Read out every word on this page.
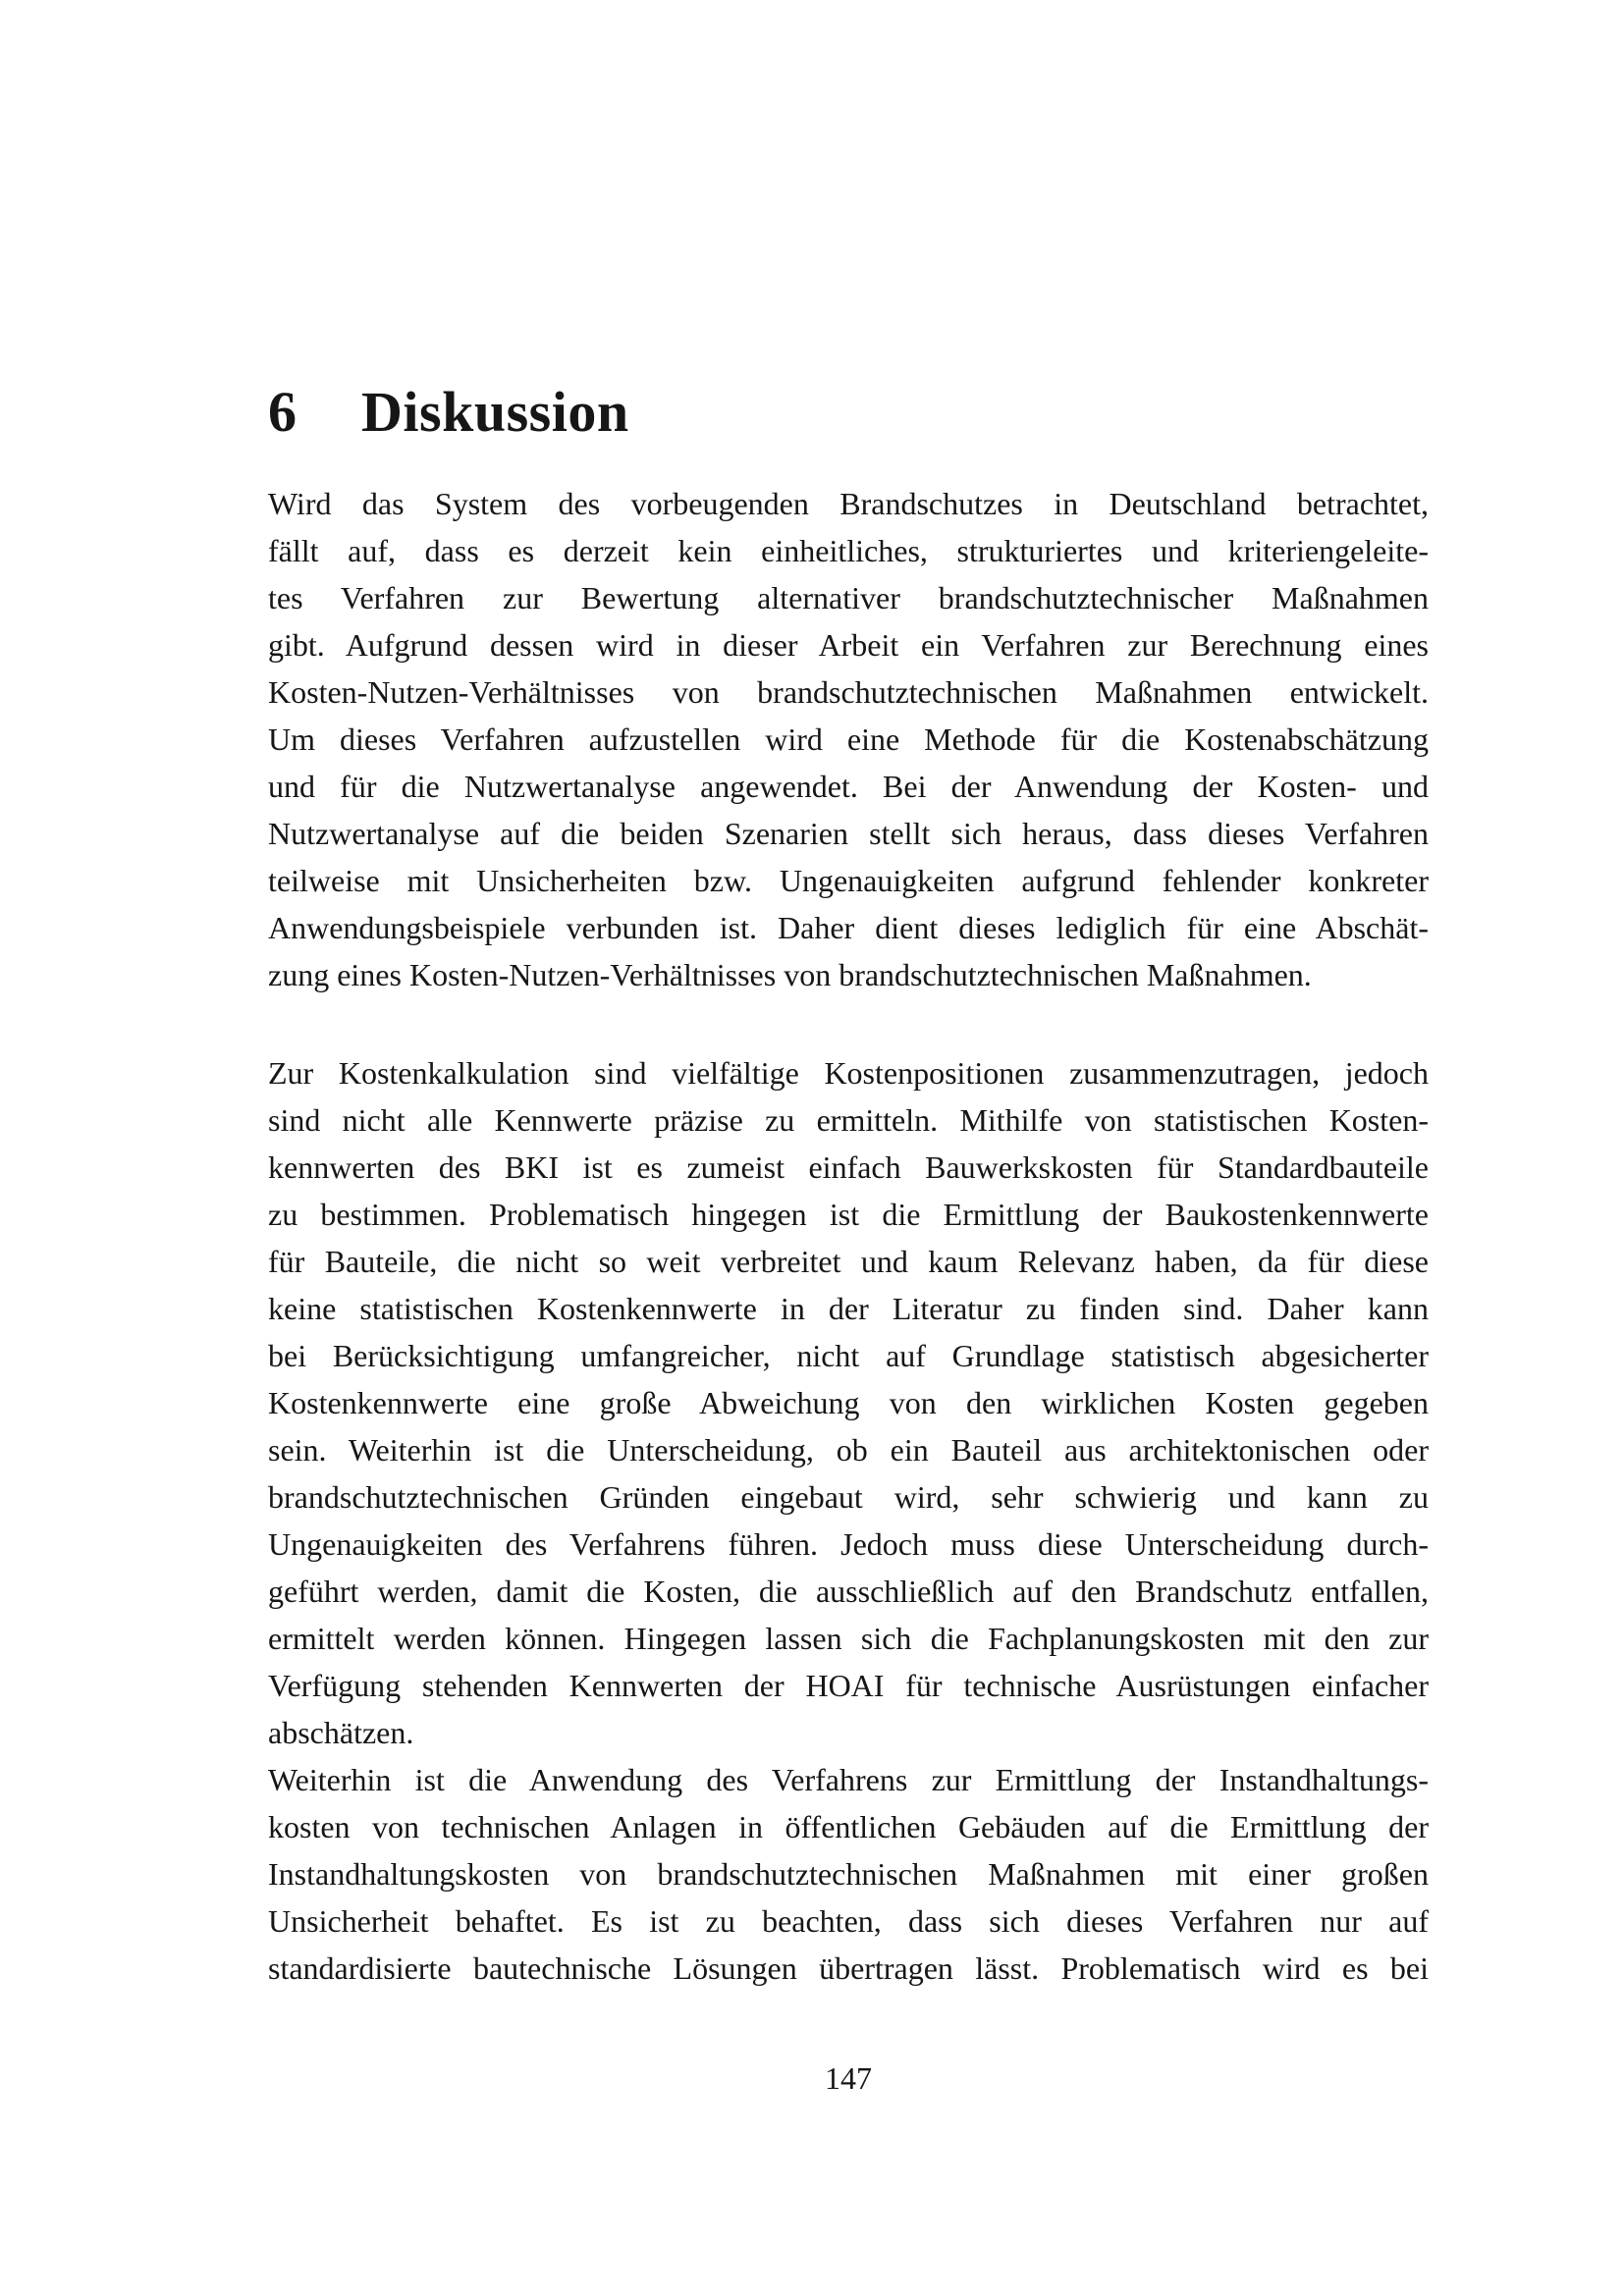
6 Diskussion
Wird das System des vorbeugenden Brandschutzes in Deutschland betrachtet,
fällt auf, dass es derzeit kein einheitliches, strukturiertes und kriteriengeleite-
tes Verfahren zur Bewertung alternativer brandschutztechnischer Maßnahmen
gibt. Aufgrund dessen wird in dieser Arbeit ein Verfahren zur Berechnung eines
Kosten-Nutzen-Verhältnisses von brandschutztechnischen Maßnahmen entwickelt.
Um dieses Verfahren aufzustellen wird eine Methode für die Kostenabschätzung
und für die Nutzwertanalyse angewendet. Bei der Anwendung der Kosten- und
Nutzwertanalyse auf die beiden Szenarien stellt sich heraus, dass dieses Verfahren
teilweise mit Unsicherheiten bzw. Ungenauigkeiten aufgrund fehlender konkreter
Anwendungsbeispiele verbunden ist. Daher dient dieses lediglich für eine Abschät-
zung eines Kosten-Nutzen-Verhältnisses von brandschutztechnischen Maßnahmen.
Zur Kostenkalkulation sind vielfältige Kostenpositionen zusammenzutragen, jedoch
sind nicht alle Kennwerte präzise zu ermitteln. Mithilfe von statistischen Kosten-
kennwerten des BKI ist es zumeist einfach Bauwerkskosten für Standardbauteile
zu bestimmen. Problematisch hingegen ist die Ermittlung der Baukostenkennwerte
für Bauteile, die nicht so weit verbreitet und kaum Relevanz haben, da für diese
keine statistischen Kostenkennwerte in der Literatur zu finden sind. Daher kann
bei Berücksichtigung umfangreicher, nicht auf Grundlage statistisch abgesicherter
Kostenkennwerte eine große Abweichung von den wirklichen Kosten gegeben
sein. Weiterhin ist die Unterscheidung, ob ein Bauteil aus architektonischen oder
brandschutztechnischen Gründen eingebaut wird, sehr schwierig und kann zu
Ungenauigkeiten des Verfahrens führen. Jedoch muss diese Unterscheidung durch-
geführt werden, damit die Kosten, die ausschließlich auf den Brandschutz entfallen,
ermittelt werden können. Hingegen lassen sich die Fachplanungskosten mit den zur
Verfügung stehenden Kennwerten der HOAI für technische Ausrüstungen einfacher
abschätzen.
Weiterhin ist die Anwendung des Verfahrens zur Ermittlung der Instandhaltungs-
kosten von technischen Anlagen in öffentlichen Gebäuden auf die Ermittlung der
Instandhaltungskosten von brandschutztechnischen Maßnahmen mit einer großen
Unsicherheit behaftet. Es ist zu beachten, dass sich dieses Verfahren nur auf
standardisierte bautechnische Lösungen übertragen lässt. Problematisch wird es bei
147
